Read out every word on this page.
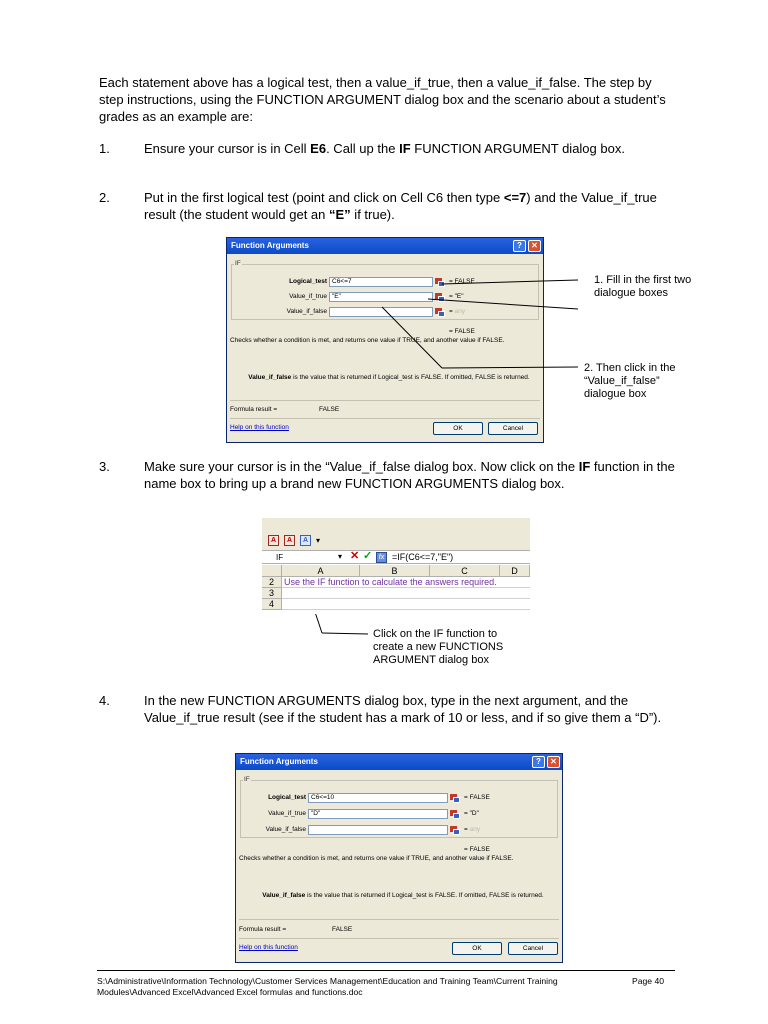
Each statement above has a logical test, then a value_if_true, then a value_if_false. The step by step instructions, using the FUNCTION ARGUMENT dialog box and the scenario about a student’s grades as an example are:
1.	Ensure your cursor is in Cell E6. Call up the IF FUNCTION ARGUMENT dialog box.
2.	Put in the first logical test (point and click on Cell C6 then type <=7) and the Value_if_true result (the student would get an “E” if true).
Function Arguments	?	✕
IF
Logical_test C6<=7	= FALSE
Value_if_true "E"	= "E"
Value_if_false	= any
= FALSE
Checks whether a condition is met, and returns one value if TRUE, and another value if FALSE.
Value_if_false is the value that is returned if Logical_test is FALSE. If omitted, FALSE is returned.
Formula result =	FALSE
Help on this function	OK	Cancel
1. Fill in the first two dialogue boxes
2. Then click in the “Value_if_false” dialogue box
3.	Make sure your cursor is in the “Value_if_false dialog box. Now click on the IF function in the name box to bring up a brand new FUNCTION ARGUMENTS dialog box.
A	A	A ▾
IF	▾ ✕ ✓ fx =IF(C6<=7,"E")
A	B	C	D
2	Use the IF function to calculate the answers required.
3
4
Click on the IF function to create a new FUNCTIONS ARGUMENT dialog box
4.	In the new FUNCTION ARGUMENTS dialog box, type in the next argument, and the Value_if_true result (see if the student has a mark of 10 or less, and if so give them a “D”).
Function Arguments	?	✕
IF
Logical_test C6<=10	= FALSE
Value_if_true "D"	= "D"
Value_if_false	= any
= FALSE
Checks whether a condition is met, and returns one value if TRUE, and another value if FALSE.
Value_if_false is the value that is returned if Logical_test is FALSE. If omitted, FALSE is returned.
Formula result =	FALSE
Help on this function	OK	Cancel
S:\Administrative\Information Technology\Customer Services Management\Education and Training Team\Current Training Modules\Advanced Excel\Advanced Excel formulas and functions.doc
Page 40
